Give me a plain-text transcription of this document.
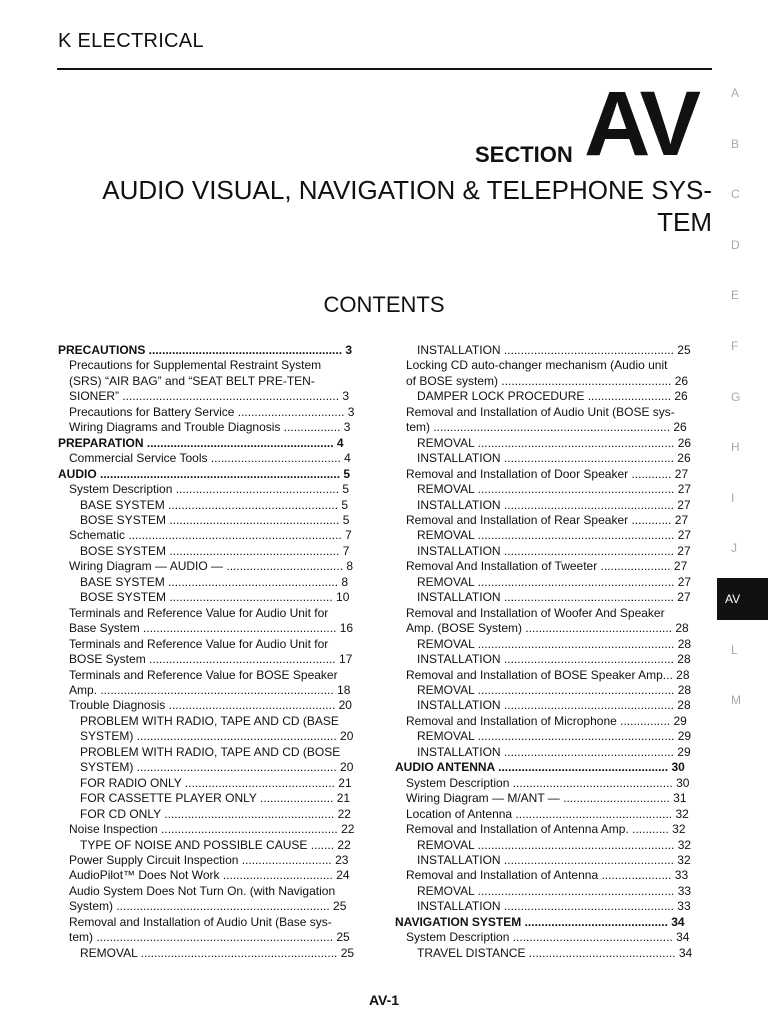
K ELECTRICAL
SECTION AV
AUDIO VISUAL, NAVIGATION & TELEPHONE SYS-
TEM
CONTENTS
PRECAUTIONS .......................................................... 3
Precautions for Supplemental Restraint System
(SRS) “AIR BAG” and “SEAT BELT PRE-TEN-
SIONER” ................................................................. 3
Precautions for Battery Service ................................ 3
Wiring Diagrams and Trouble Diagnosis ................. 3
PREPARATION ........................................................ 4
Commercial Service Tools ....................................... 4
AUDIO ........................................................................ 5
System Description ................................................. 5
BASE SYSTEM ................................................... 5
BOSE SYSTEM ................................................... 5
Schematic ................................................................ 7
BOSE SYSTEM ................................................... 7
Wiring Diagram — AUDIO — ................................... 8
BASE SYSTEM ................................................... 8
BOSE SYSTEM ................................................. 10
Terminals and Reference Value for Audio Unit for
Base System .......................................................... 16
Terminals and Reference Value for Audio Unit for
BOSE System ........................................................ 17
Terminals and Reference Value for BOSE Speaker
Amp. ...................................................................... 18
Trouble Diagnosis .................................................. 20
PROBLEM WITH RADIO, TAPE AND CD (BASE
SYSTEM) ............................................................ 20
PROBLEM WITH RADIO, TAPE AND CD (BOSE
SYSTEM) ............................................................ 20
FOR RADIO ONLY ............................................. 21
FOR CASSETTE PLAYER ONLY ...................... 21
FOR CD ONLY ................................................... 22
Noise Inspection ..................................................... 22
TYPE OF NOISE AND POSSIBLE CAUSE ....... 22
Power Supply Circuit Inspection ........................... 23
AudioPilot™ Does Not Work ................................. 24
Audio System Does Not Turn On. (with Navigation
System) ................................................................ 25
Removal and Installation of Audio Unit (Base sys-
tem) ....................................................................... 25
REMOVAL ........................................................... 25
INSTALLATION ................................................... 25
Locking CD auto-changer mechanism (Audio unit
of BOSE system) ................................................... 26
DAMPER LOCK PROCEDURE ......................... 26
Removal and Installation of Audio Unit (BOSE sys-
tem) ....................................................................... 26
REMOVAL ........................................................... 26
INSTALLATION ................................................... 26
Removal and Installation of Door Speaker ............ 27
REMOVAL ........................................................... 27
INSTALLATION ................................................... 27
Removal and Installation of Rear Speaker ............ 27
REMOVAL ........................................................... 27
INSTALLATION ................................................... 27
Removal And Installation of Tweeter ..................... 27
REMOVAL ........................................................... 27
INSTALLATION ................................................... 27
Removal and Installation of Woofer And Speaker
Amp. (BOSE System) ............................................ 28
REMOVAL ........................................................... 28
INSTALLATION ................................................... 28
Removal and Installation of BOSE Speaker Amp... 28
REMOVAL ........................................................... 28
INSTALLATION ................................................... 28
Removal and Installation of Microphone ............... 29
REMOVAL ........................................................... 29
INSTALLATION ................................................... 29
AUDIO ANTENNA ................................................... 30
System Description ................................................ 30
Wiring Diagram — M/ANT — ................................ 31
Location of Antenna ............................................... 32
Removal and Installation of Antenna Amp. ........... 32
REMOVAL ........................................................... 32
INSTALLATION ................................................... 32
Removal and Installation of Antenna ..................... 33
REMOVAL ........................................................... 33
INSTALLATION ................................................... 33
NAVIGATION SYSTEM ........................................... 34
System Description ................................................ 34
TRAVEL DISTANCE ............................................ 34
A
B
C
D
E
F
G
H
I
J
AV
L
M
AV-1
